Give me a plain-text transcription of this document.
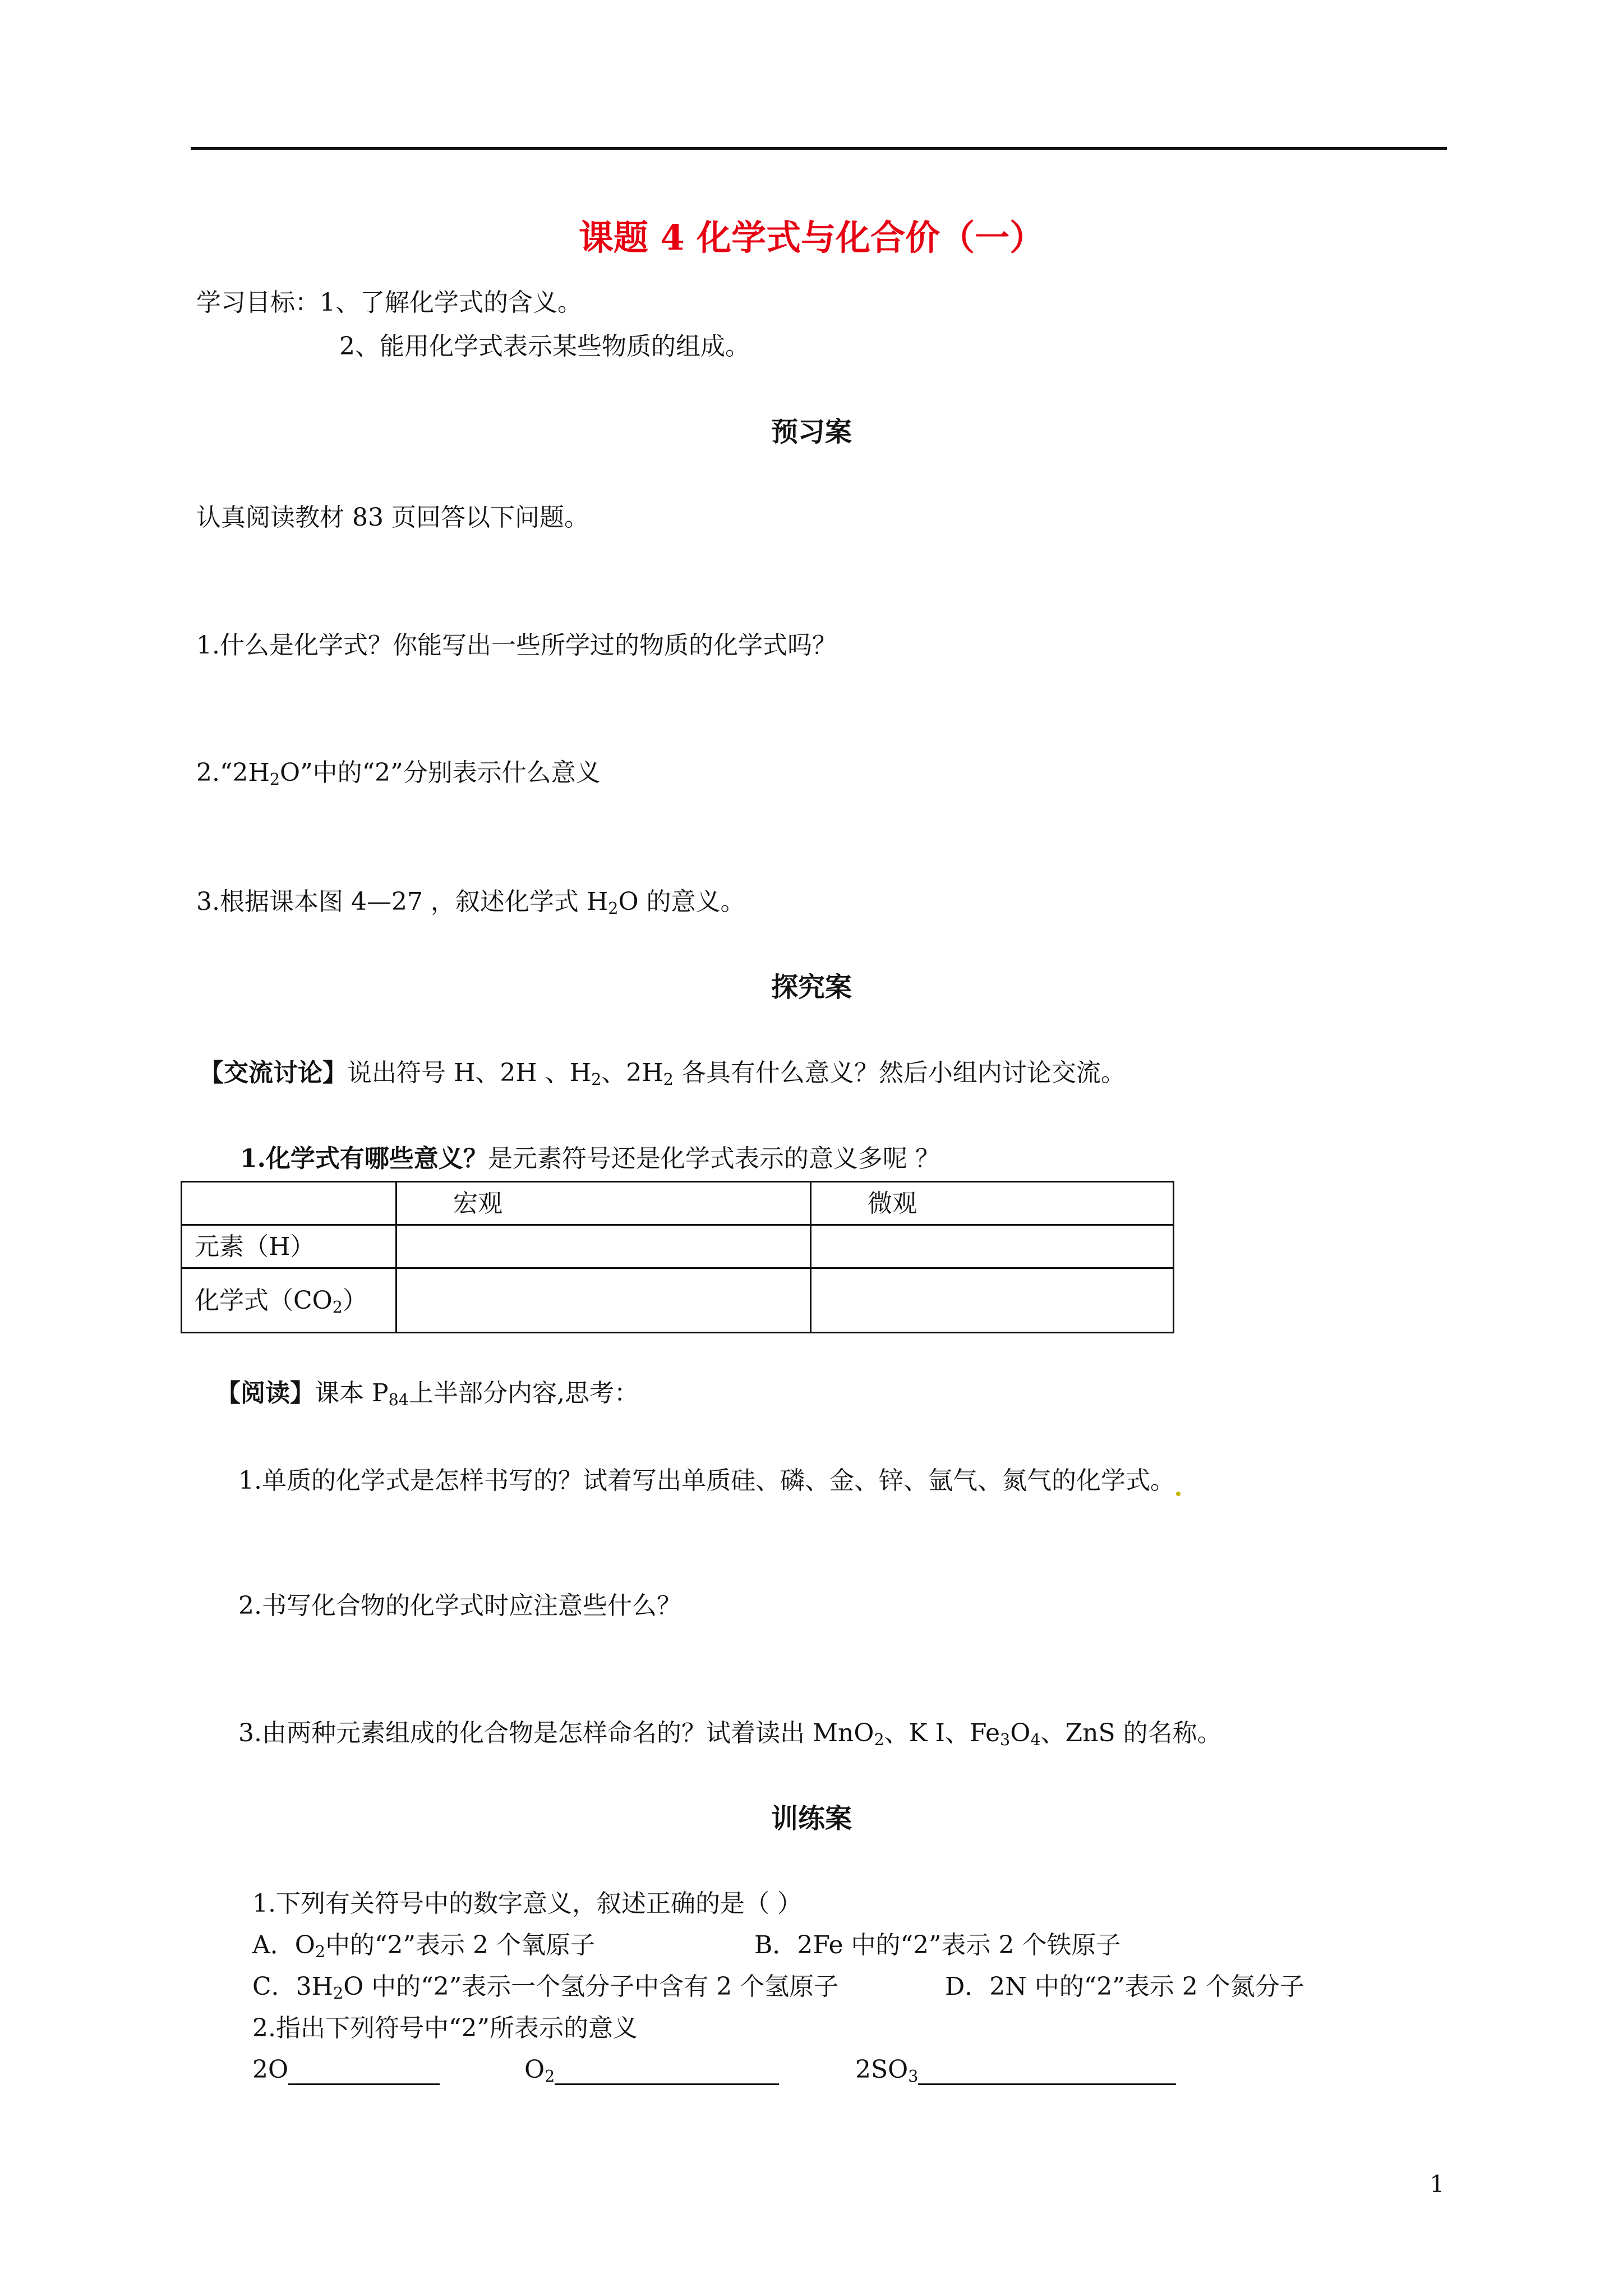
课题 4 化学式与化合价（一）
学习目标：1、了解化学式的含义。
2、能用化学式表示某些物质的组成。
预习案
认真阅读教材 83 页回答以下问题。
1.什么是化学式？你能写出一些所学过的物质的化学式吗？
$2.“2H_2O$”中的“2”分别表示什么意义
3.根据课本图 4—27 ，叙述化学式 $H_2O$ 的意义。
探究案
【交流讨论】说出符号 H、2H 、$H_2$、$2H_2$ 各具有什么意义？然后小组内讨论交流。
1.化学式有哪些意义？是元素符号还是化学式表示的意义多呢 ？
	宏观	微观
元素（H）		
化学式$(CO_2)$		
【阅读】课本 $P_{84}$上半部分内容,思考：
1.单质的化学式是怎样书写的？试着写出单质硅、磷、金、锌、氩气、氮气的化学式。
2.书写化合物的化学式时应注意些什么？
3.由两种元素组成的化合物是怎样命名的？试着读出 MnO$_2$、K I、$Fe_3O_4$、ZnS 的名称。
训练案
1.下列有关符号中的数字意义，叙述正确的是（ ）
A．$O_2$中的“2”表示 2 个氧原子	B．2Fe 中的“2”表示 2 个铁原子
C．$3H_2O$ 中的“2”表示一个氢分子中含有 2 个氢原子	D．2N 中的“2”表示 2 个氮分子
2.指出下列符号中“2”所表示的意义
2O	$O_2$	$2SO_3$
1
